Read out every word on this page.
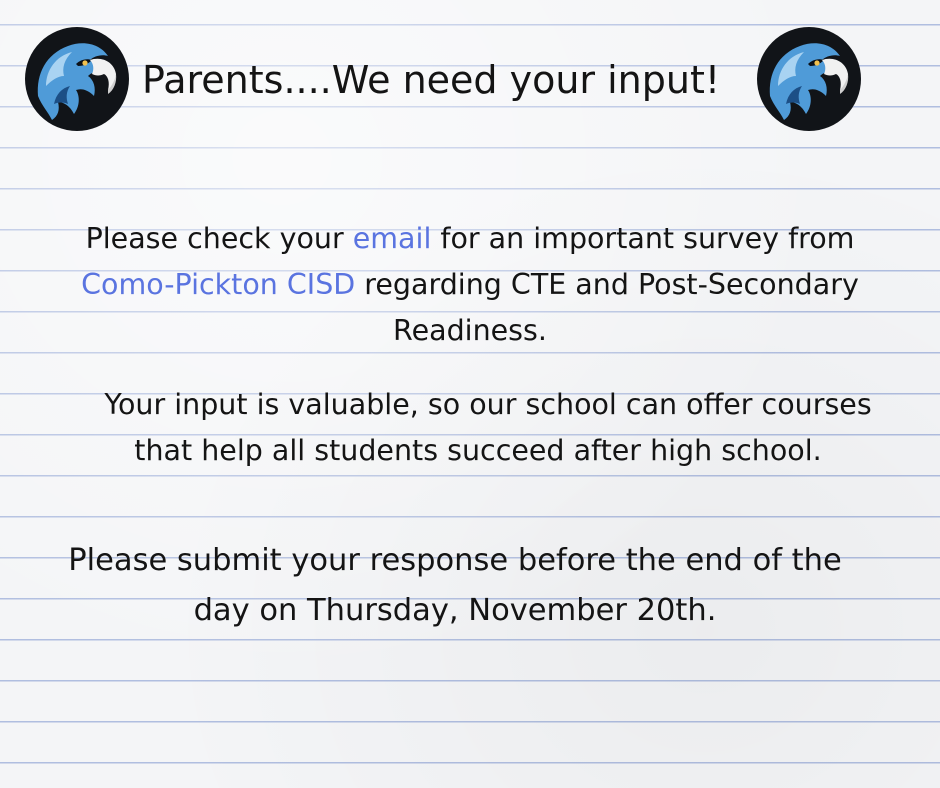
Parents....We need your input!

Please check your email for an important survey from
Como-Pickton CISD regarding CTE and Post-Secondary
Readiness.

Your input is valuable, so our school can offer courses
that help all students succeed after high school.

Please submit your response before the end of the
day on Thursday, November 20th.
